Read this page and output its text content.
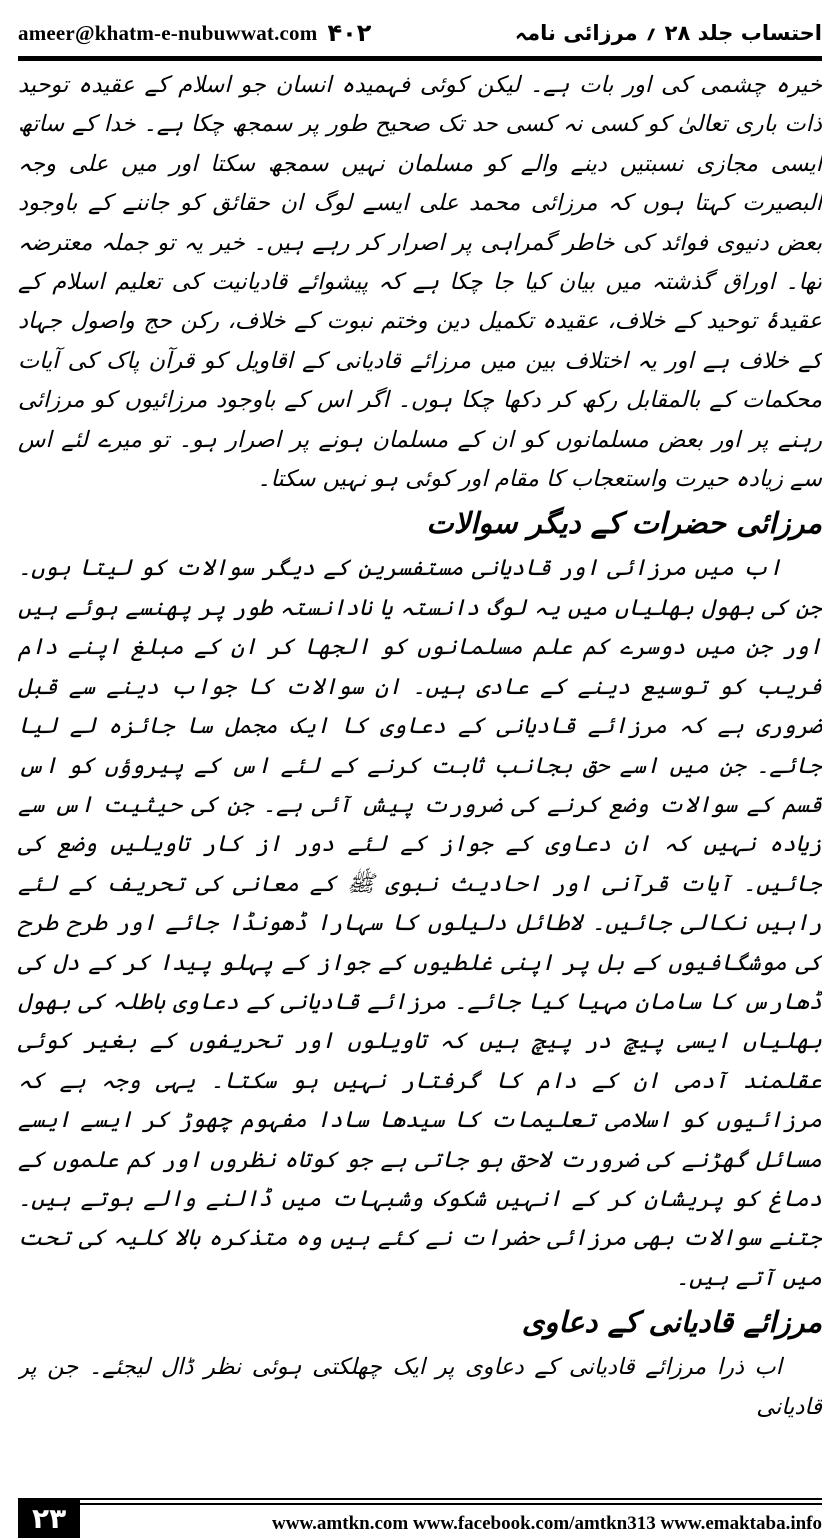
ameer@khatm-e-nubuwwat.com ۴۰۲	احتساب جلد ۲۸ ؍ مرزائی نامہ

خیرہ چشمی کی اور بات ہے۔ لیکن کوئی فہمیدہ انسان جو اسلام کے عقیدہ توحید ذات باری تعالیٰ کو کسی نہ کسی حد تک صحیح طور پر سمجھ چکا ہے۔ خدا کے ساتھ ایسی مجازی نسبتیں دینے والے کو مسلمان نہیں سمجھ سکتا اور میں علی وجہ البصیرت کہتا ہوں کہ مرزائی محمد علی ایسے لوگ ان حقائق کو جاننے کے باوجود بعض دنیوی فوائد کی خاطر گمراہی پر اصرار کر رہے ہیں۔ خیر یہ تو جملہ معترضہ تھا۔ اوراق گذشتہ میں بیان کیا جا چکا ہے کہ پیشوائے قادیانیت کی تعلیم اسلام کے عقیدۂ توحید کے خلاف، عقیدہ تکمیل دین وختم نبوت کے خلاف، رکن حج واصول جہاد کے خلاف ہے اور یہ اختلاف بین میں مرزائے قادیانی کے اقاویل کو قرآن پاک کی آیات محکمات کے بالمقابل رکھ کر دکھا چکا ہوں۔ اگر اس کے باوجود مرزائیوں کو مرزائی رہنے پر اور بعض مسلمانوں کو ان کے مسلمان ہونے پر اصرار ہو۔ تو میرے لئے اس سے زیادہ حیرت واستعجاب کا مقام اور کوئی ہو نہیں سکتا۔

مرزائی حضرات کے دیگر سوالات

اب میں مرزائی اور قادیانی مستفسرین کے دیگر سوالات کو لیتا ہوں۔ جن کی بھول بھلیاں میں یہ لوگ دانستہ یا نادانستہ طور پر پھنسے ہوئے ہیں اور جن میں دوسرے کم علم مسلمانوں کو الجھا کر ان کے مبلغ اپنے دام فریب کو توسیع دینے کے عادی ہیں۔ ان سوالات کا جواب دینے سے قبل ضروری ہے کہ مرزائے قادیانی کے دعاوی کا ایک مجمل سا جائزہ لے لیا جائے۔ جن میں اسے حق بجانب ثابت کرنے کے لئے اس کے پیروؤں کو اس قسم کے سوالات وضع کرنے کی ضرورت پیش آئی ہے۔ جن کی حیثیت اس سے زیادہ نہیں کہ ان دعاوی کے جواز کے لئے دور از کار تاویلیں وضع کی جائیں۔ آیات قرآنی اور احادیث نبوی ﷺ کے معانی کی تحریف کے لئے راہیں نکالی جائیں۔ لاطائل دلیلوں کا سہارا ڈھونڈا جائے اور طرح طرح کی موشگافیوں کے بل پر اپنی غلطیوں کے جواز کے پہلو پیدا کر کے دل کی ڈھارس کا سامان مہیا کیا جائے۔ مرزائے قادیانی کے دعاوی باطلہ کی بھول بھلیاں ایسی پیچ در پیچ ہیں کہ تاویلوں اور تحریفوں کے بغیر کوئی عقلمند آدمی ان کے دام کا گرفتار نہیں ہو سکتا۔ یہی وجہ ہے کہ مرزائیوں کو اسلامی تعلیمات کا سیدھا سادا مفہوم چھوڑ کر ایسے ایسے مسائل گھڑنے کی ضرورت لاحق ہو جاتی ہے جو کوتاہ نظروں اور کم علموں کے دماغ کو پریشان کر کے انہیں شکوک وشبہات میں ڈالنے والے ہوتے ہیں۔ جتنے سوالات بھی مرزائی حضرات نے کئے ہیں وہ متذکرہ بالا کلیہ کی تحت میں آتے ہیں۔

مرزائے قادیانی کے دعاوی

اب ذرا مرزائے قادیانی کے دعاوی پر ایک چھلکتی ہوئی نظر ڈال لیجئے۔ جن پر قادیانی

۲۳	www.amtkn.com www.facebook.com/amtkn313 www.emaktaba.info
